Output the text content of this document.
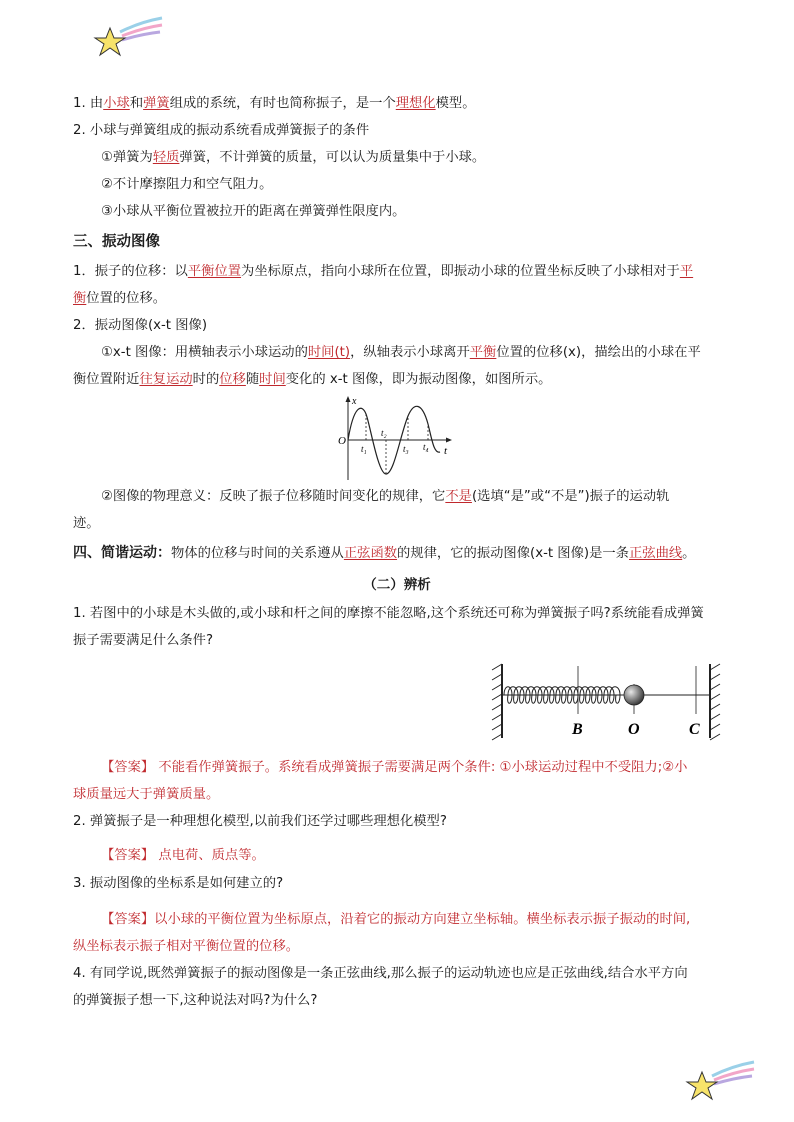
1. 由小球和弹簧组成的系统，有时也简称振子，是一个理想化模型。
2. 小球与弹簧组成的振动系统看成弹簧振子的条件
①弹簧为轻质弹簧，不计弹簧的质量，可以认为质量集中于小球。
②不计摩擦阻力和空气阻力。
③小球从平衡位置被拉开的距离在弹簧弹性限度内。
三、振动图像
1．振子的位移：以平衡位置为坐标原点，指向小球所在位置，即振动小球的位置坐标反映了小球相对于平
衡位置的位移。
2．振动图像(x-t 图像)
①x-t 图像：用横轴表示小球运动的时间(t)，纵轴表示小球离开平衡位置的位移(x)，描绘出的小球在平
衡位置附近往复运动时的位移随时间变化的 x-t 图像，即为振动图像，如图所示。
x
t
O
t₁
t₂
t₃ t₄
②图像的物理意义：反映了振子位移随时间变化的规律，它不是(选填“是”或“不是”)振子的运动轨
迹。
四、简谐运动：物体的位移与时间的关系遵从正弦函数的规律，它的振动图像(x-t 图像)是一条正弦曲线。
（二）辨析
1. 若图中的小球是木头做的,或小球和杆之间的摩擦不能忽略,这个系统还可称为弹簧振子吗?系统能看成弹簧
振子需要满足什么条件?
B	O	C
【答案】 不能看作弹簧振子。系统看成弹簧振子需要满足两个条件: ①小球运动过程中不受阻力;②小
球质量远大于弹簧质量。
2. 弹簧振子是一种理想化模型,以前我们还学过哪些理想化模型?
【答案】 点电荷、质点等。
3. 振动图像的坐标系是如何建立的?
【答案】以小球的平衡位置为坐标原点，沿着它的振动方向建立坐标轴。横坐标表示振子振动的时间,
纵坐标表示振子相对平衡位置的位移。
4. 有同学说,既然弹簧振子的振动图像是一条正弦曲线,那么振子的运动轨迹也应是正弦曲线,结合水平方向
的弹簧振子想一下,这种说法对吗?为什么?
